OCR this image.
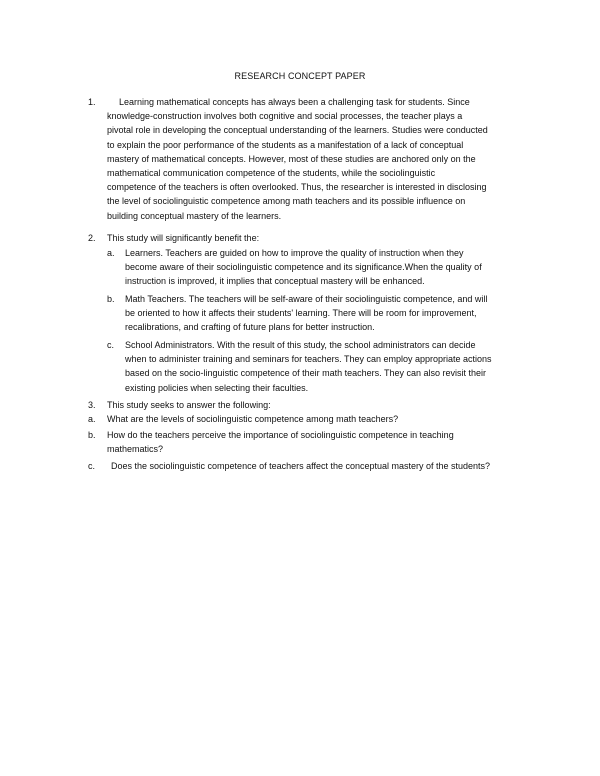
RESEARCH CONCEPT PAPER
1.	Learning mathematical concepts has always been a challenging task for students. Since
knowledge-construction involves both cognitive and social processes, the teacher plays a
pivotal role in developing the conceptual understanding of the learners. Studies were conducted
to explain the poor performance of the students as a manifestation of a lack of conceptual
mastery of mathematical concepts. However, most of these studies are anchored only on the
mathematical communication competence of the students, while the sociolinguistic
competence of the teachers is often overlooked. Thus, the researcher is interested in disclosing
the level of sociolinguistic competence among math teachers and its possible influence on
building conceptual mastery of the learners.
2. This study will significantly benefit the:
a. Learners. Teachers are guided on how to improve the quality of instruction when they
become aware of their sociolinguistic competence and its significance.When the quality of
instruction is improved, it implies that conceptual mastery will be enhanced.
b. Math Teachers. The teachers will be self-aware of their sociolinguistic competence, and will
be oriented to how it affects their students' learning. There will be room for improvement,
recalibrations, and crafting of future plans for better instruction.
c. School Administrators. With the result of this study, the school administrators can decide
when to administer training and seminars for teachers. They can employ appropriate actions
based on the socio-linguistic competence of their math teachers. They can also revisit their
existing policies when selecting their faculties.
3. This study seeks to answer the following:
a. What are the levels of sociolinguistic competence among math teachers?
b. How do the teachers perceive the importance of sociolinguistic competence in teaching
mathematics?
c. Does the sociolinguistic competence of teachers affect the conceptual mastery of the students?
